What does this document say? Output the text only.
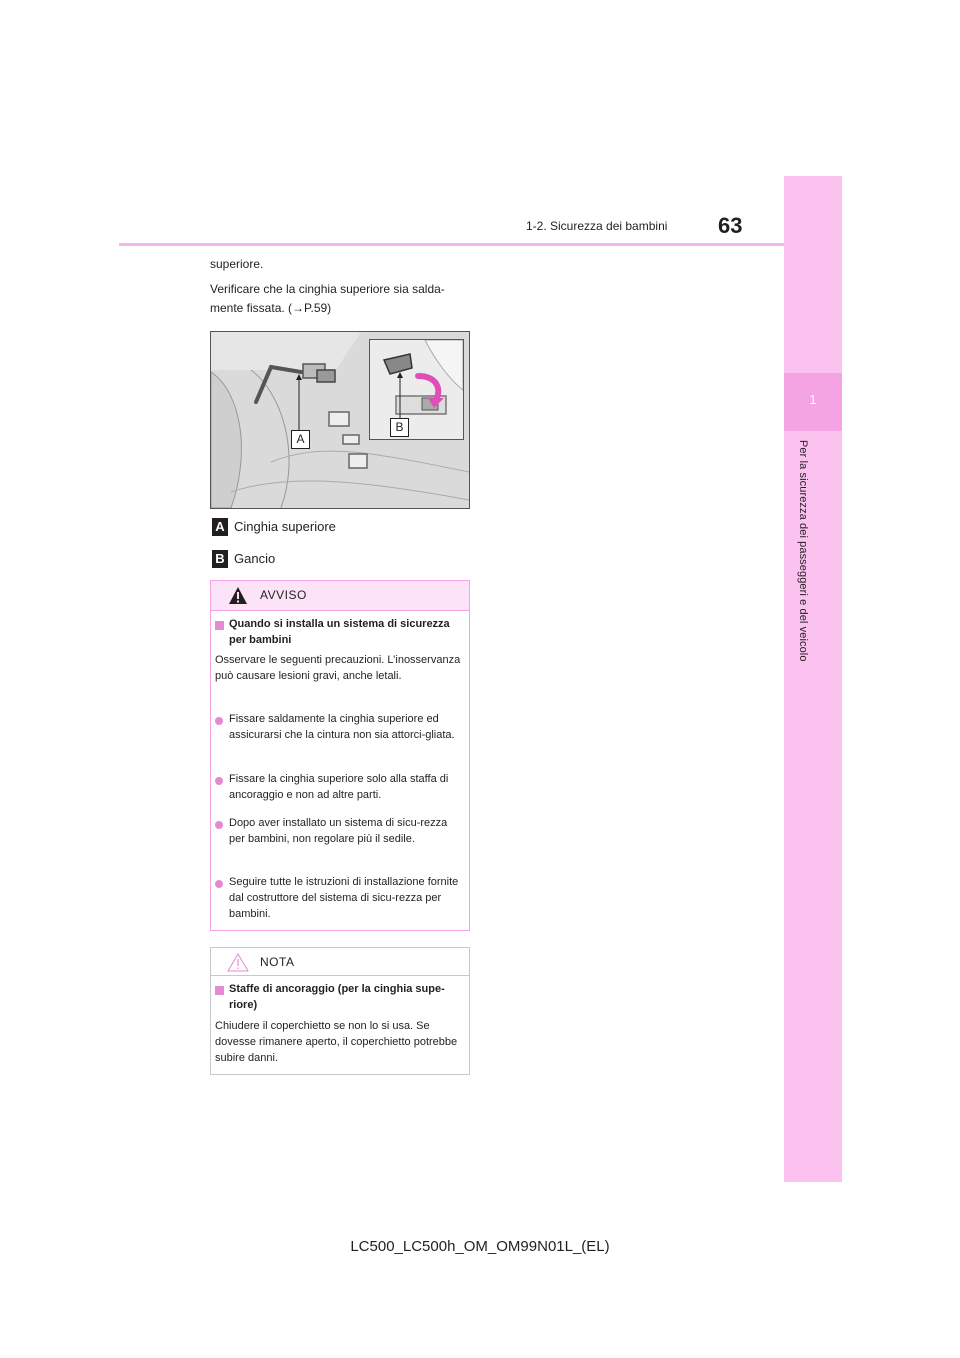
1
Per la sicurezza dei passeggeri e del veicolo
1-2. Sicurezza dei bambini 63
superiore.
Verificare che la cinghia superiore sia salda-mente fissata. (→P.59)
A
B
A Cinghia superiore
B Gancio
AVVISO
Quando si installa un sistema di sicurezza per bambini
Osservare le seguenti precauzioni. L’inosservanza può causare lesioni gravi, anche letali.
Fissare saldamente la cinghia superiore ed assicurarsi che la cintura non sia attorci-gliata.
Fissare la cinghia superiore solo alla staffa di ancoraggio e non ad altre parti.
Dopo aver installato un sistema di sicu-rezza per bambini, non regolare più il sedile.
Seguire tutte le istruzioni di installazione fornite dal costruttore del sistema di sicu-rezza per bambini.
NOTA
Staffe di ancoraggio (per la cinghia supe-riore)
Chiudere il coperchietto se non lo si usa. Se dovesse rimanere aperto, il coperchietto potrebbe subire danni.
LC500_LC500h_OM_OM99N01L_(EL)
